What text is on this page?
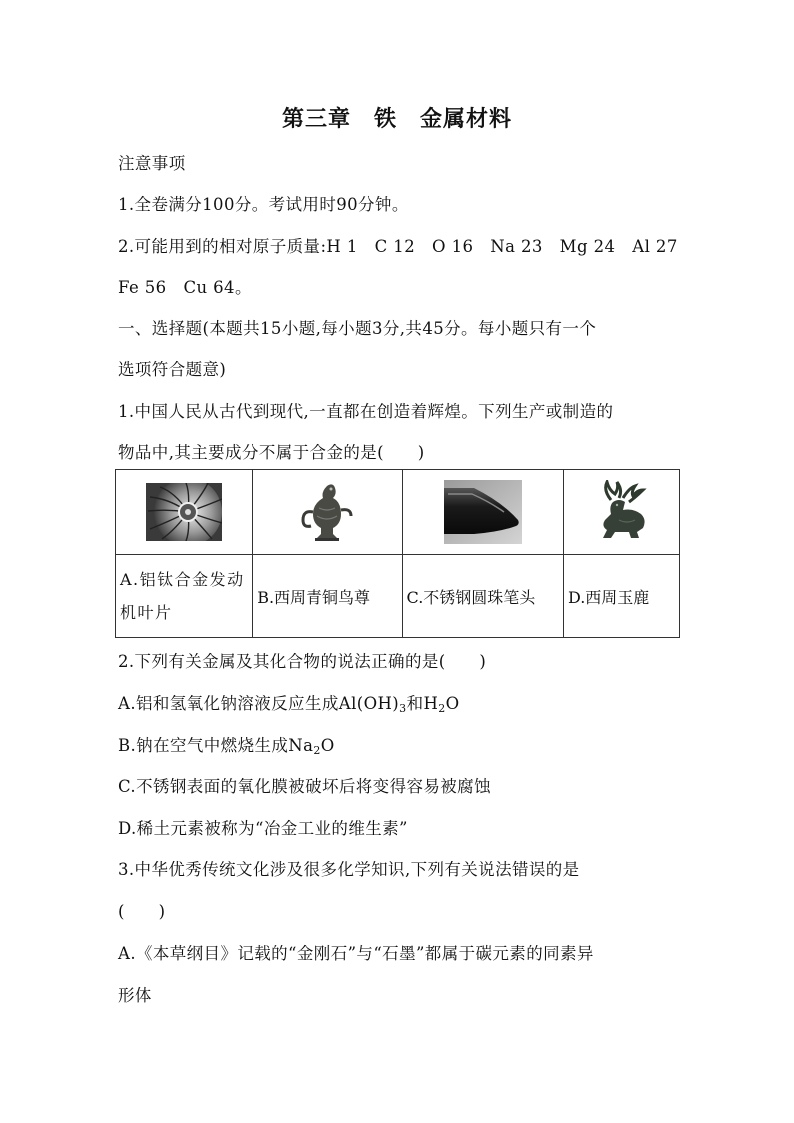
第三章　铁　金属材料
注意事项
1.全卷满分100分。考试用时90分钟。
2.可能用到的相对原子质量:H 1　C 12　O 16　Na 23　Mg 24　Al 27
Fe 56　Cu 64。
一、选择题(本题共15小题,每小题3分,共45分。每小题只有一个
选项符合题意)
1.中国人民从古代到现代,一直都在创造着辉煌。下列生产或制造的
物品中,其主要成分不属于合金的是(　　)

A.铝钛合金发动机叶片	B.西周青铜鸟尊	C.不锈钢圆珠笔头	D.西周玉鹿
2.下列有关金属及其化合物的说法正确的是(　　)
A.铝和氢氧化钠溶液反应生成$Al(OH)_3$和$H_2O$
B.钠在空气中燃烧生成$Na_2O$
C.不锈钢表面的氧化膜被破坏后将变得容易被腐蚀
D.稀土元素被称为“冶金工业的维生素”
3.中华优秀传统文化涉及很多化学知识,下列有关说法错误的是
(　　)
A.《本草纲目》记载的“金刚石”与“石墨”都属于碳元素的同素异
形体
